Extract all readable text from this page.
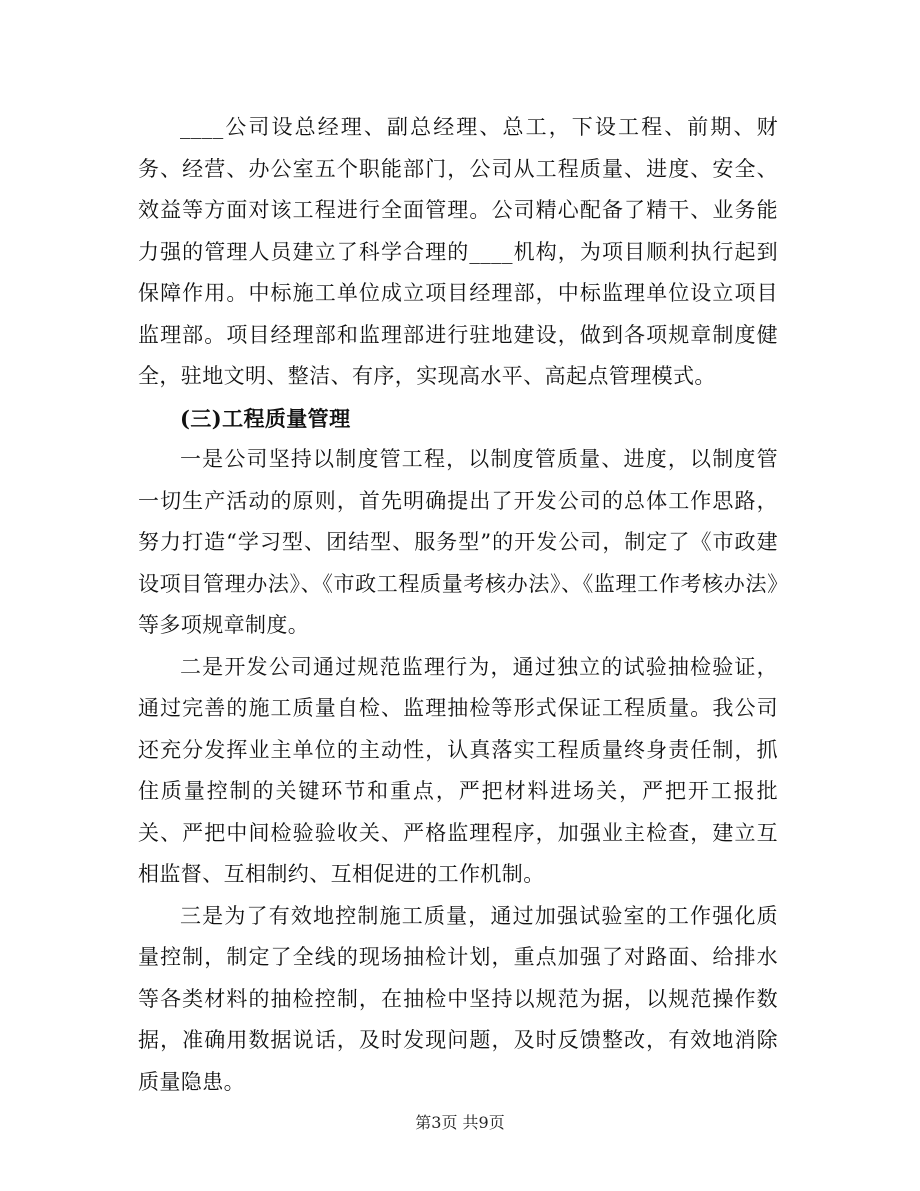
____公司设总经理、副总经理、总工，下设工程、前期、财务、经营、办公室五个职能部门，公司从工程质量、进度、安全、效益等方面对该工程进行全面管理。公司精心配备了精干、业务能力强的管理人员建立了科学合理的____机构，为项目顺利执行起到保障作用。中标施工单位成立项目经理部，中标监理单位设立项目监理部。项目经理部和监理部进行驻地建设，做到各项规章制度健全，驻地文明、整洁、有序，实现高水平、高起点管理模式。

(三)工程质量管理

一是公司坚持以制度管工程，以制度管质量、进度，以制度管一切生产活动的原则，首先明确提出了开发公司的总体工作思路，努力打造“学习型、团结型、服务型”的开发公司，制定了《市政建设项目管理办法》、《市政工程质量考核办法》、《监理工作考核办法》等多项规章制度。

二是开发公司通过规范监理行为，通过独立的试验抽检验证，通过完善的施工质量自检、监理抽检等形式保证工程质量。我公司还充分发挥业主单位的主动性，认真落实工程质量终身责任制，抓住质量控制的关键环节和重点，严把材料进场关，严把开工报批关、严把中间检验验收关、严格监理程序，加强业主检查，建立互相监督、互相制约、互相促进的工作机制。

三是为了有效地控制施工质量，通过加强试验室的工作强化质量控制，制定了全线的现场抽检计划，重点加强了对路面、给排水等各类材料的抽检控制，在抽检中坚持以规范为据，以规范操作数据，准确用数据说话，及时发现问题，及时反馈整改，有效地消除质量隐患。

第3页 共9页
